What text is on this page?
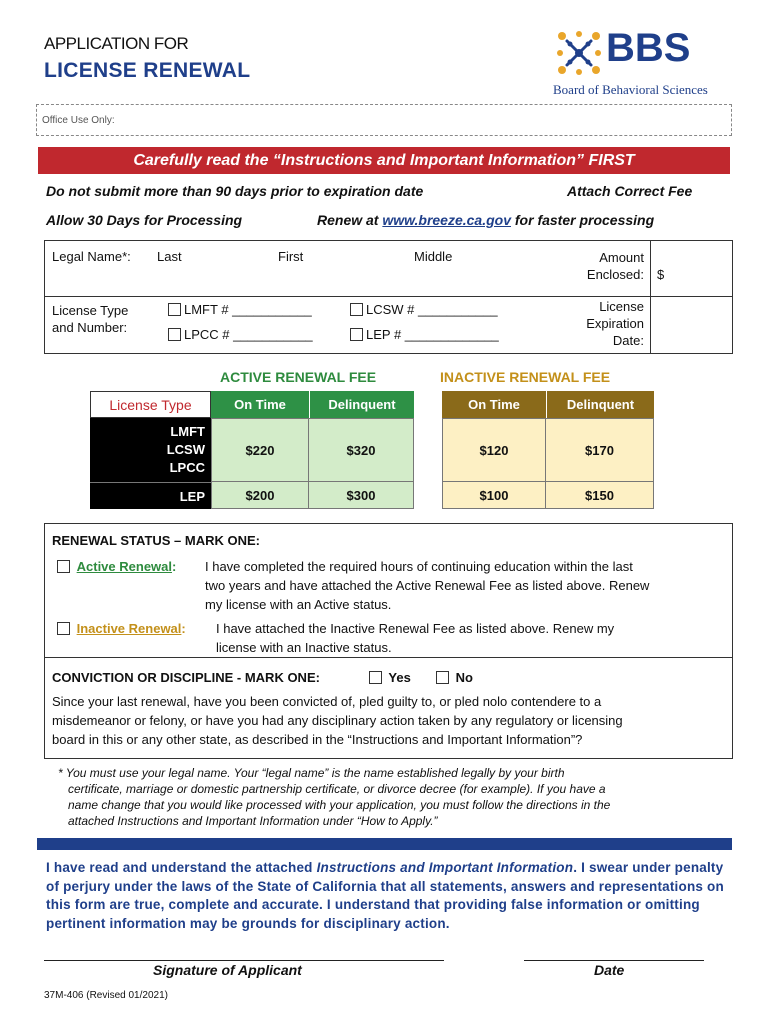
APPLICATION FOR
LICENSE RENEWAL
BBS
Board of Behavioral Sciences
Office Use Only:
Carefully read the “Instructions and Important Information” FIRST
Do not submit more than 90 days prior to expiration date	Attach Correct Fee
Allow 30 Days for Processing	Renew at www.breeze.ca.gov for faster processing
Legal Name*: Last	First	Middle	Amount
Enclosed: $
License Type
and Number:
LMFT # ___________	LCSW # ___________
LPCC # ___________	LEP # _____________
License
Expiration
Date:
ACTIVE RENEWAL FEE	INACTIVE RENEWAL FEE
License Type	On Time	Delinquent	On Time	Delinquent
LMFT
LCSW
LPCC
$220	$320	$120	$170
LEP	$200	$300	$100	$150
RENEWAL STATUS – MARK ONE:
Active Renewal: I have completed the required hours of continuing education within the last
two years and have attached the Active Renewal Fee as listed above. Renew
my license with an Active status.
Inactive Renewal: I have attached the Inactive Renewal Fee as listed above. Renew my
license with an Inactive status.
CONVICTION OR DISCIPLINE - MARK ONE:	Yes	No
Since your last renewal, have you been convicted of, pled guilty to, or pled nolo contendere to a
misdemeanor or felony, or have you had any disciplinary action taken by any regulatory or licensing
board in this or any other state, as described in the “Instructions and Important Information”?
* You must use your legal name. Your “legal name” is the name established legally by your birth
certificate, marriage or domestic partnership certificate, or divorce decree (for example). If you have a
name change that you would like processed with your application, you must follow the directions in the
attached Instructions and Important Information under “How to Apply.”
I have read and understand the attached Instructions and Important Information. I swear under penalty of perjury under the laws of the State of California that all statements, answers and representations on this form are true, complete and accurate. I understand that providing false information or omitting pertinent information may be grounds for disciplinary action.
Signature of Applicant	Date
37M-406 (Revised 01/2021)
